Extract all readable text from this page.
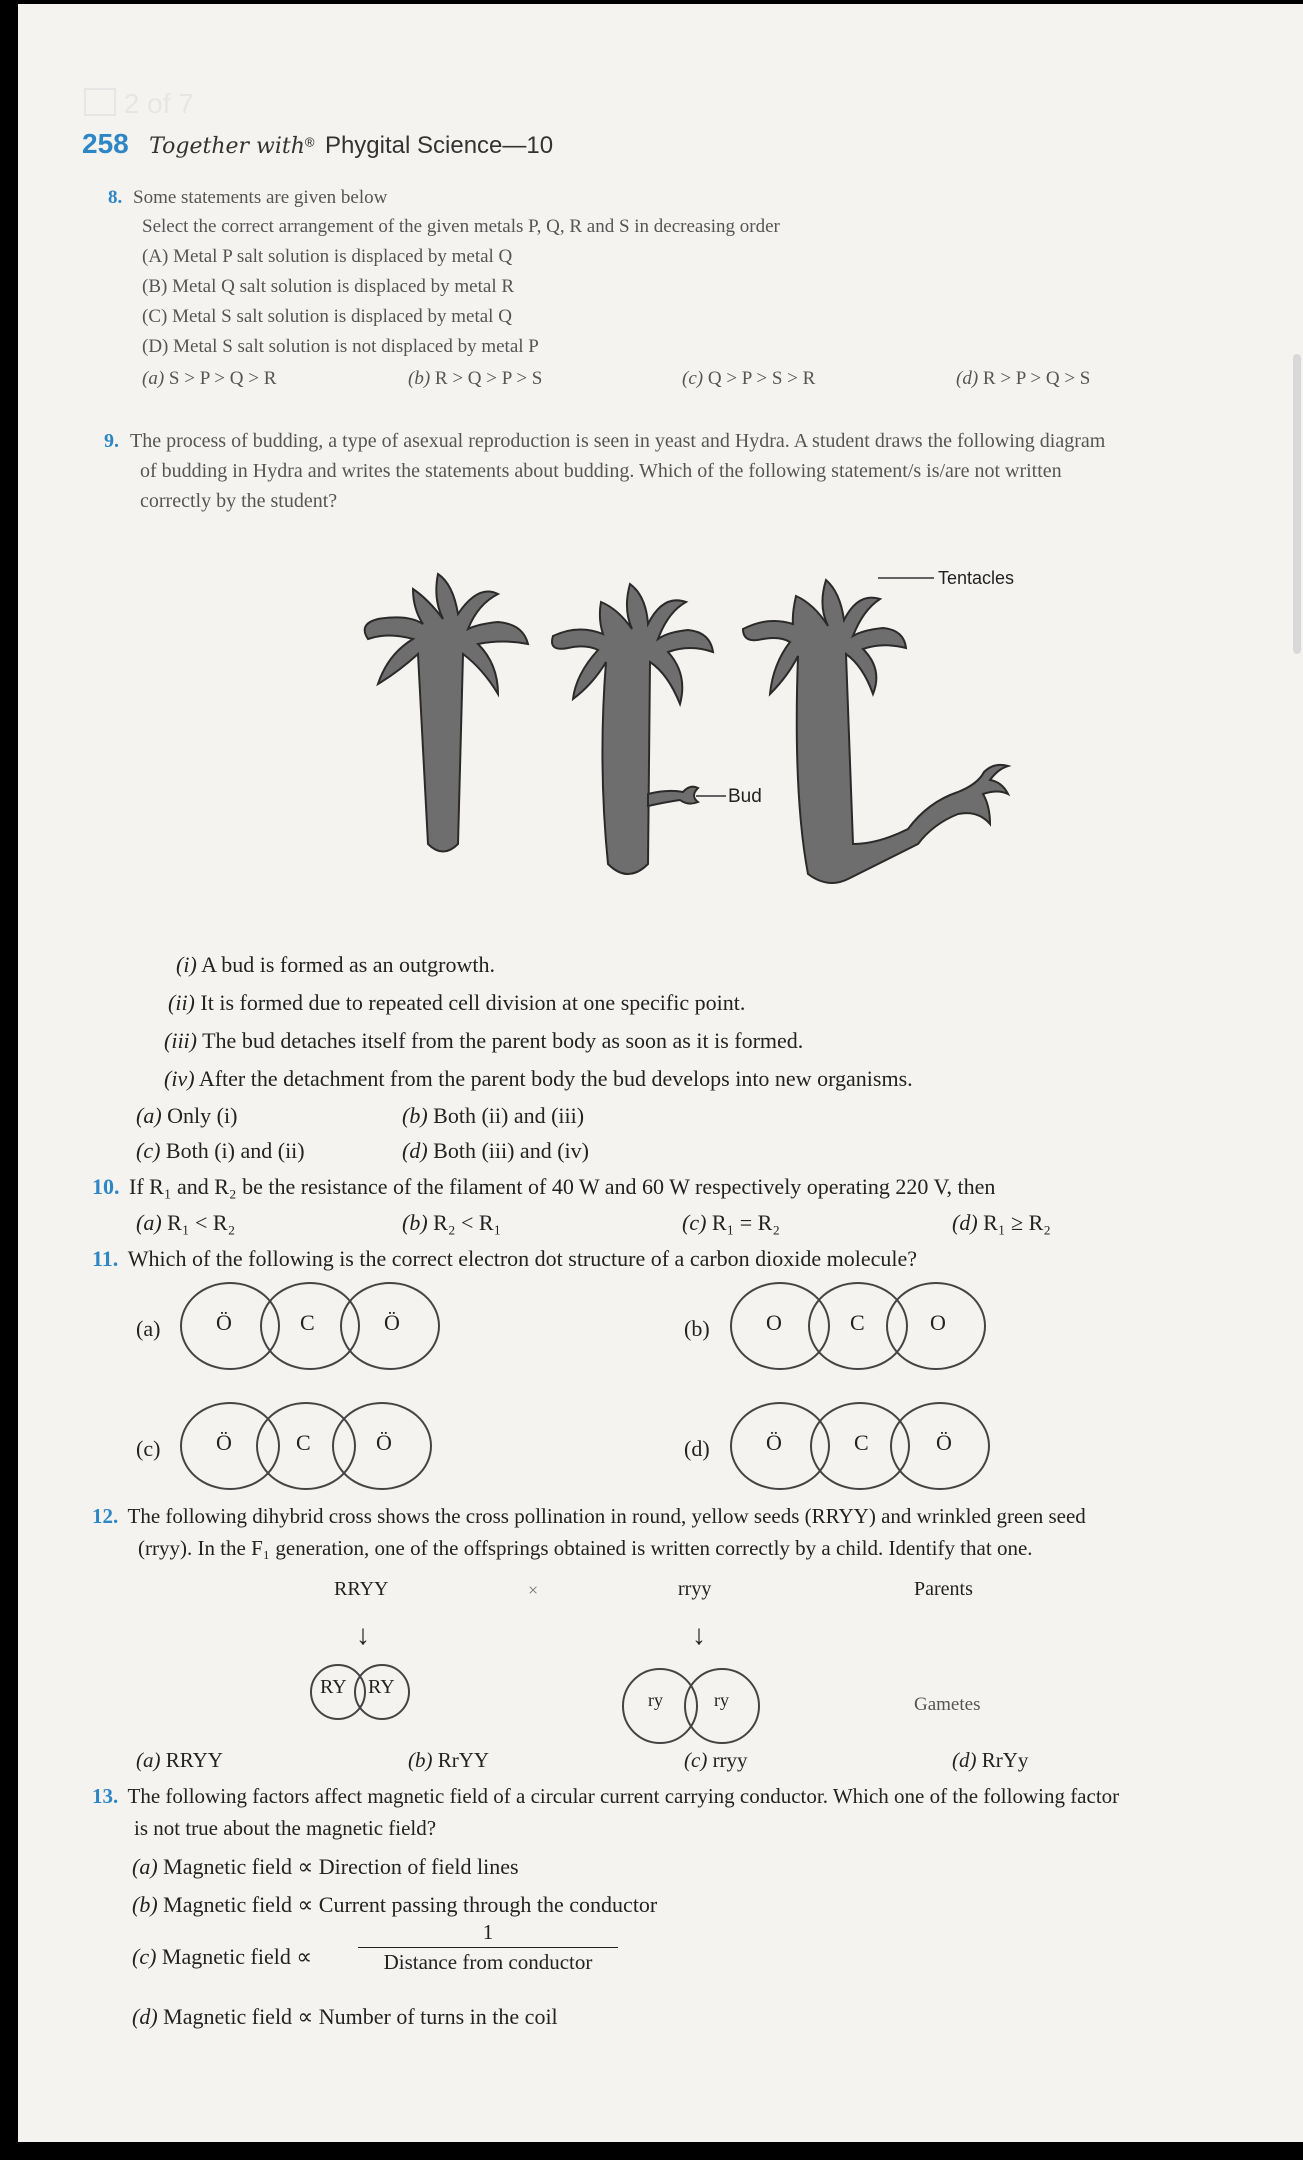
2 of 7
258 Together with® Phygital Science—10
8. Some statements are given below
Select the correct arrangement of the given metals P, Q, R and S in decreasing order
(A) Metal P salt solution is displaced by metal Q
(B) Metal Q salt solution is displaced by metal R
(C) Metal S salt solution is displaced by metal Q
(D) Metal S salt solution is not displaced by metal P
(a) S > P > Q > R	(b) R > Q > P > S	(c) Q > P > S > R	(d) R > P > Q > S
9. The process of budding, a type of asexual reproduction is seen in yeast and Hydra. A student draws the following diagram
of budding in Hydra and writes the statements about budding. Which of the following statement/s is/are not written
correctly by the student?
Tentacles
Bud
(i) A bud is formed as an outgrowth.
(ii) It is formed due to repeated cell division at one specific point.
(iii) The bud detaches itself from the parent body as soon as it is formed.
(iv) After the detachment from the parent body the bud develops into new organisms.
(a) Only (i)	(b) Both (ii) and (iii)
(c) Both (i) and (ii)	(d) Both (iii) and (iv)
10. If R₁ and R₂ be the resistance of the filament of 40 W and 60 W respectively operating 220 V, then
(a) R₁ < R₂	(b) R₂ < R₁	(c) R₁ = R₂	(d) R₁ ≥ R₂
11. Which of the following is the correct electron dot structure of a carbon dioxide molecule?
(a)	Ö	C	Ö	(b)	O	C	O
(c)	Ö	C	Ö	(d)	Ö	C	Ö
12. The following dihybrid cross shows the cross pollination in round, yellow seeds (RRYY) and wrinkled green seed
(rryy). In the F₁ generation, one of the offsprings obtained is written correctly by a child. Identify that one.
RRYY	×	rryy	Parents
↓	↓
RY RY
ry	ry	Gametes
(a) RRYY	(b) RrYY	(c) rryy	(d) RrYy
13. The following factors affect magnetic field of a circular current carrying conductor. Which one of the following factor
is not true about the magnetic field?
(a) Magnetic field ∝ Direction of field lines
(b) Magnetic field ∝ Current passing through the conductor
(c) Magnetic field ∝
1
Distance from conductor
(d) Magnetic field ∝ Number of turns in the coil
